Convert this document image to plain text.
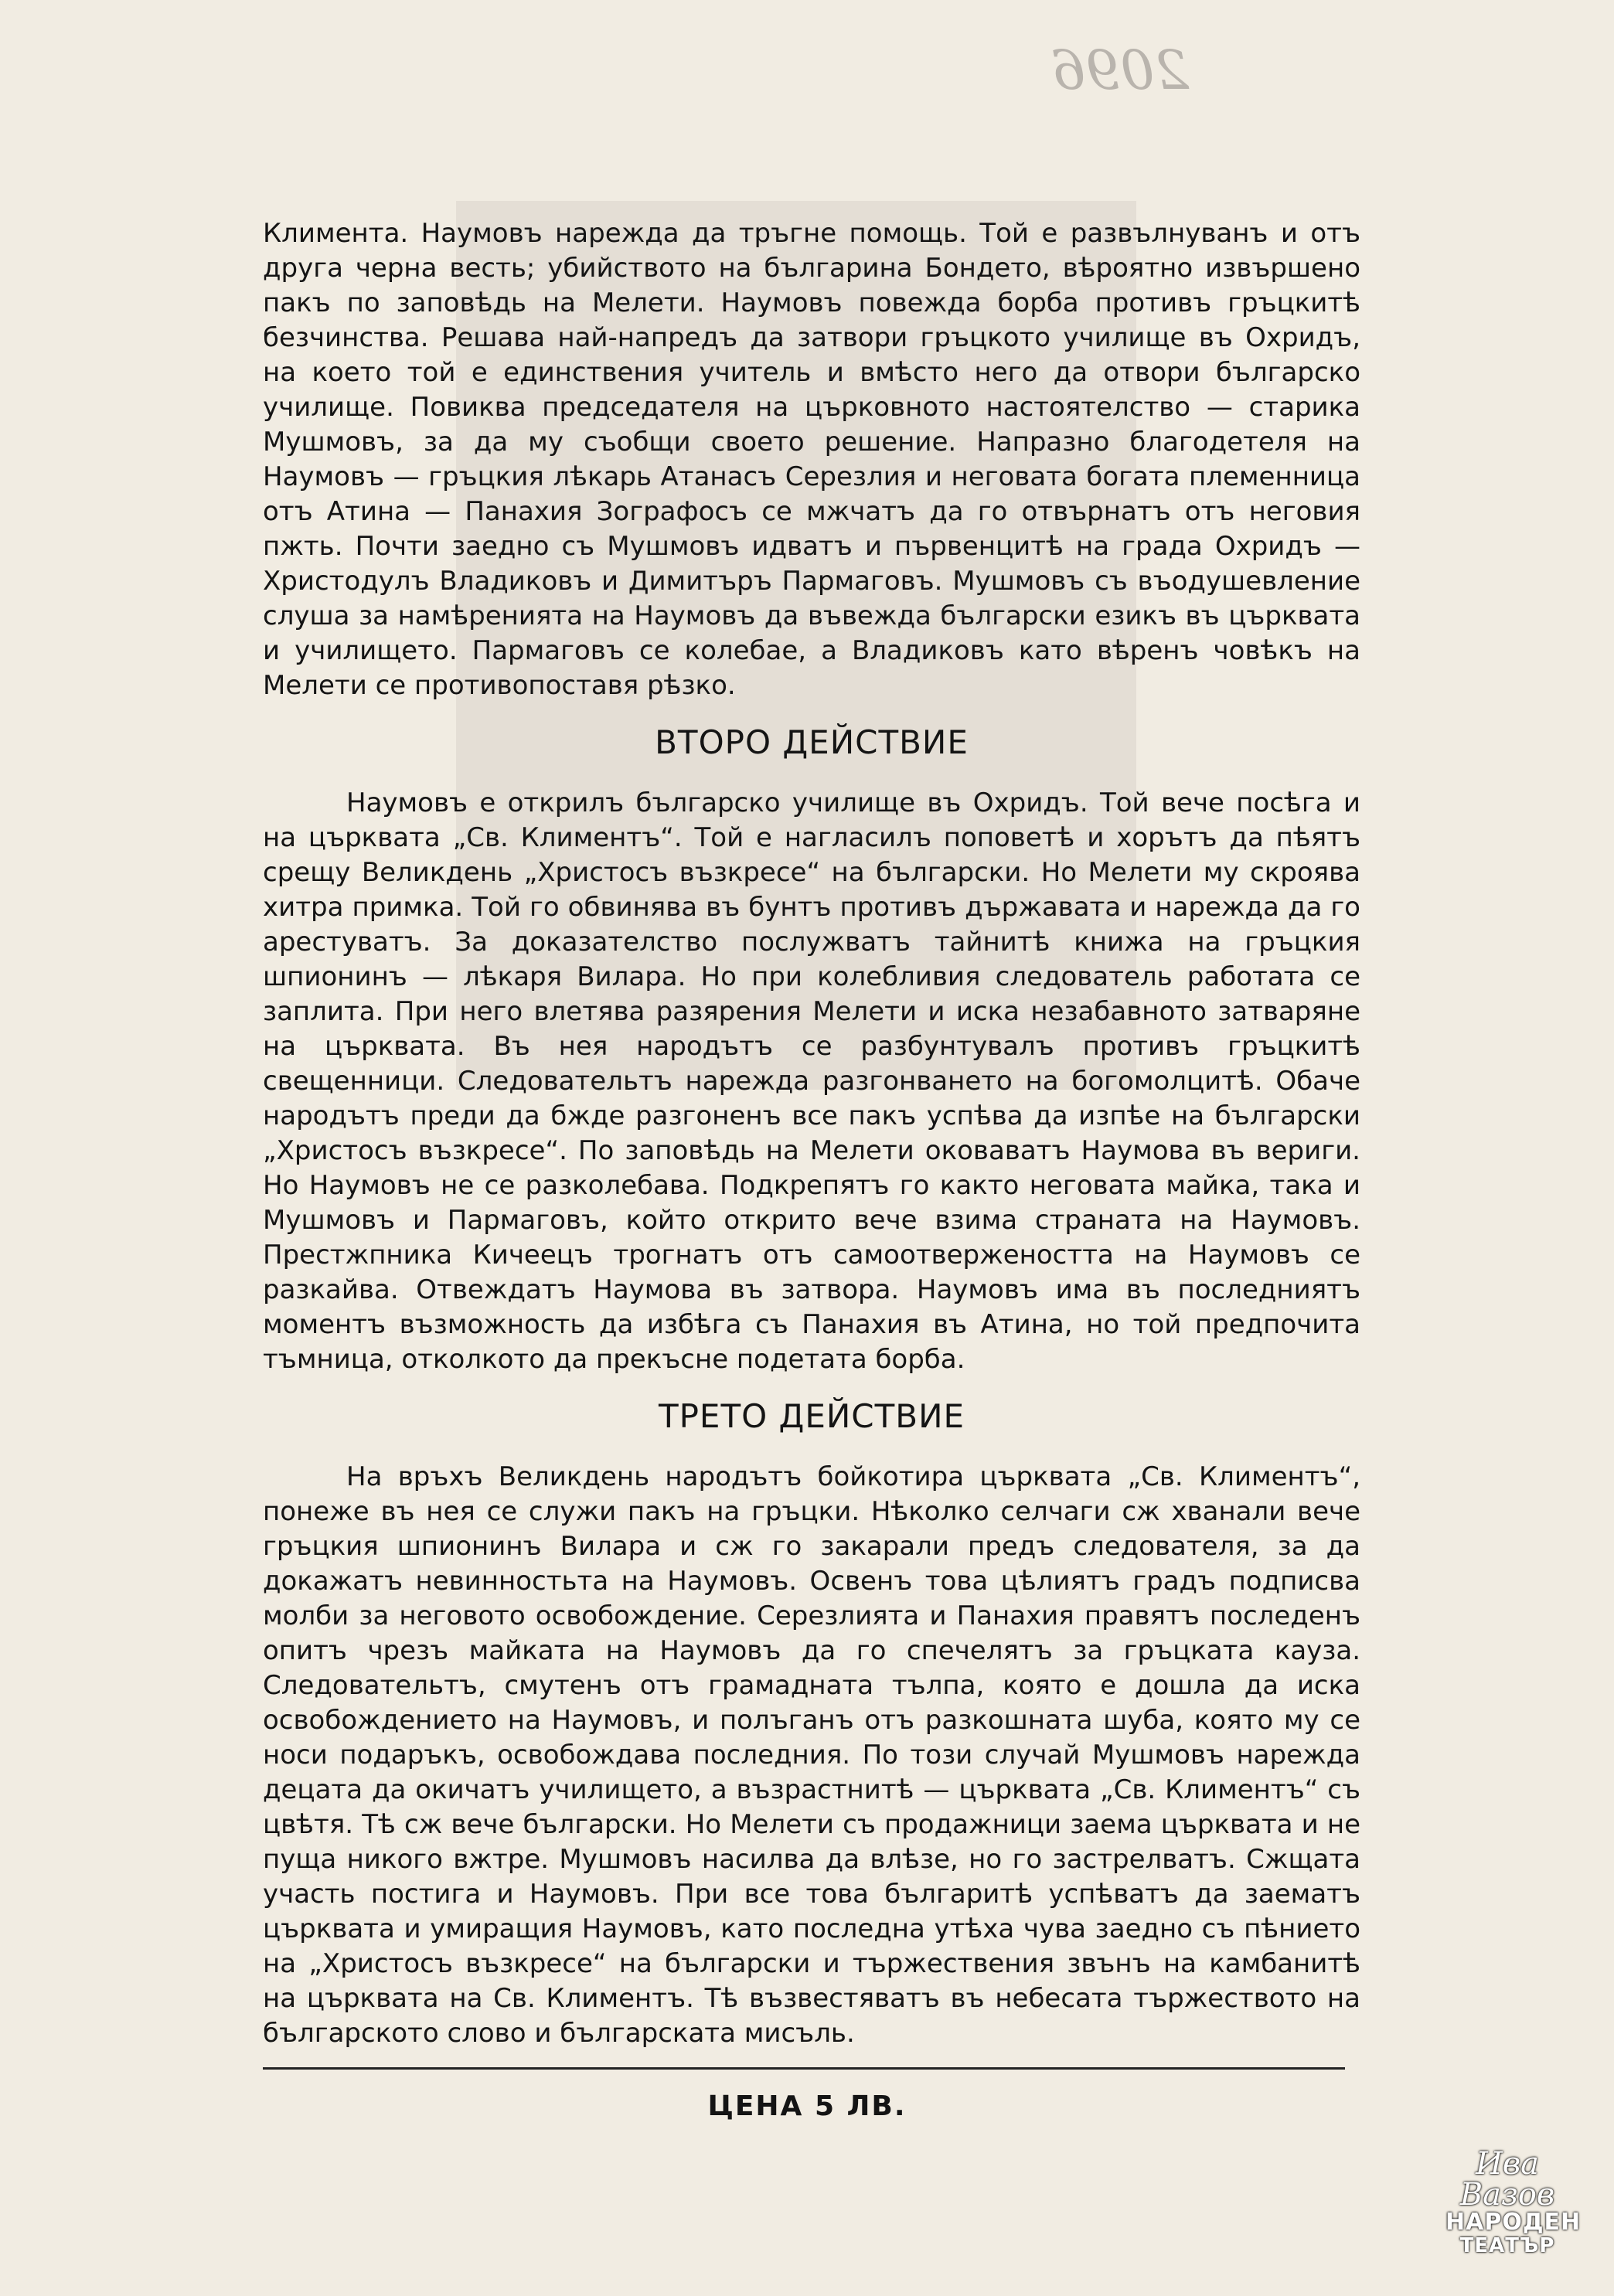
2096

Климента. Наумовъ нарежда да тръгне помощь. Той е развълнуванъ и отъ друга черна весть; убийството на българина Бондето, вѣроятно извършено пакъ по заповѣдь на Мелети. Наумовъ повежда борба противъ гръцкитѣ безчинства. Решава най-напредъ да затвори гръцкото училище въ Охридъ, на което той е единствения учитель и вмѣсто него да отвори българско училище. Повиква председателя на църковното настоятелство — старика Мушмовъ, за да му съобщи своето решение. Напразно благодетеля на Наумовъ — гръцкия лѣкарь Атанасъ Серезлия и неговата богата племенница отъ Атина — Панахия Зографосъ се мжчатъ да го отвърнатъ отъ неговия пжть. Почти заедно съ Мушмовъ идватъ и първенцитѣ на града Охридъ — Христодулъ Владиковъ и Димитъръ Пармаговъ. Мушмовъ съ въодушевление слуша за намѣренията на Наумовъ да въвежда български езикъ въ църквата и училището. Пармаговъ се колебае, а Владиковъ като вѣренъ човѣкъ на Мелети се противопоставя рѣзко.

ВТОРО ДЕЙСТВИЕ

Наумовъ е открилъ българско училище въ Охридъ. Той вече посѣга и на църквата „Св. Климентъ“. Той е нагласилъ поповетѣ и хорътъ да пѣятъ срещу Великдень „Христосъ възкресе“ на български. Но Мелети му скроява хитра примка. Той го обвинява въ бунтъ противъ държавата и нарежда да го арестуватъ. За доказателство послужватъ тайнитѣ книжа на гръцкия шпионинъ — лѣкаря Вилара. Но при колебливия следователь работата се заплита. При него влетява разярения Мелети и иска незабавното затваряне на църквата. Въ нея народътъ се разбунтувалъ противъ гръцкитѣ свещенници. Следовательтъ нарежда разгонването на богомолцитѣ. Обаче народътъ преди да бжде разгоненъ все пакъ успѣва да изпѣе на български „Христосъ възкресе“. По заповѣдь на Мелети оковаватъ Наумова въ вериги. Но Наумовъ не се разколебава. Подкрепятъ го както неговата майка, така и Мушмовъ и Пармаговъ, който открито вече взима страната на Наумовъ. Престжпника Кичеецъ трогнатъ отъ самоотвержеността на Наумовъ се разкайва. Отвеждатъ Наумова въ затвора. Наумовъ има въ последниятъ моментъ възможность да избѣга съ Панахия въ Атина, но той предпочита тъмница, отколкото да прекъсне подетата борба.

ТРЕТО ДЕЙСТВИЕ

На връхъ Великдень народътъ бойкотира църквата „Св. Климентъ“, понеже въ нея се служи пакъ на гръцки. Нѣколко селчаги сж хванали вече гръцкия шпионинъ Вилара и сж го закарали предъ следователя, за да докажатъ невинностьта на Наумовъ. Освенъ това цѣлиятъ градъ подписва молби за неговото освобождение. Серезлията и Панахия правятъ последенъ опитъ чрезъ майката на Наумовъ да го спечелятъ за гръцката кауза. Следовательтъ, смутенъ отъ грамадната тълпа, която е дошла да иска освобождението на Наумовъ, и полъганъ отъ разкошната шуба, която му се носи подаръкъ, освобождава последния. По този случай Мушмовъ нарежда децата да окичатъ училището, а възрастнитѣ — църквата „Св. Климентъ“ съ цвѣтя. Тѣ сж вече български. Но Мелети съ продажници заема църквата и не пуща никого вжтре. Мушмовъ насилва да влѣзе, но го застрелватъ. Сжщата участь постига и Наумовъ. При все това българитѣ успѣватъ да заематъ църквата и умиращия Наумовъ, като последна утѣха чува заедно съ пѣнието на „Христосъ възкресе“ на български и тържествения звънъ на камбанитѣ на църквата на Св. Климентъ. Тѣ възвестяватъ въ небесата тържеството на българското слово и българската мисъль.

ЦЕНА 5 ЛВ.
Ива Вазов
НАРОДЕН
ТЕАТЪР
